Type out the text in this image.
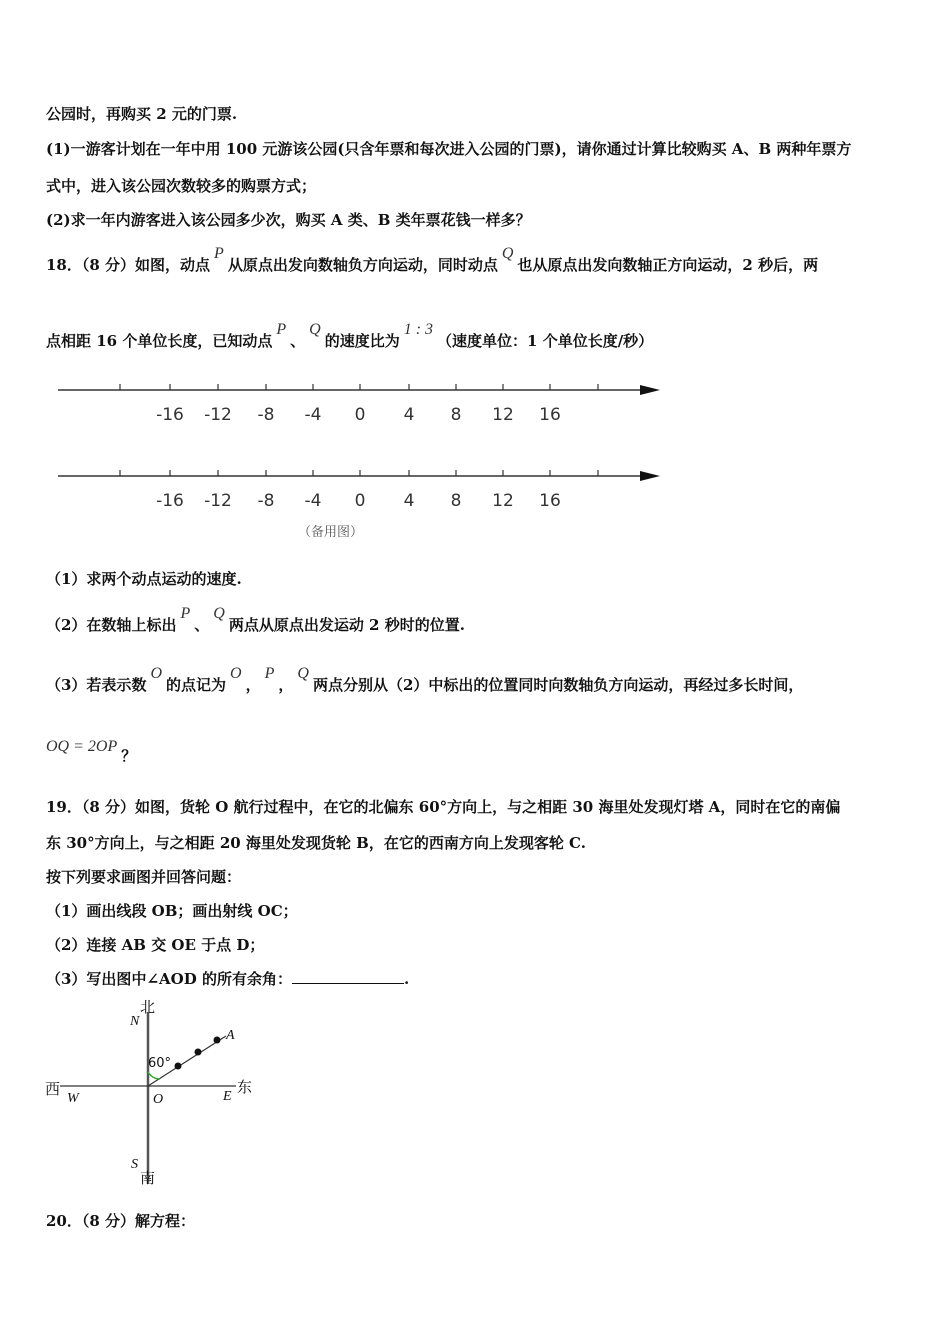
公园时，再购买 2 元的门票.
(1)一游客计划在一年中用 100 元游该公园(只含年票和每次进入公园的门票)，请你通过计算比较购买 A、B 两种年票方
式中，进入该公园次数较多的购票方式；
(2)求一年内游客进入该公园多少次，购买 A 类、B 类年票花钱一样多？
18．（8 分）如图，动点P从原点出发向数轴负方向运动，同时动点Q也从原点出发向数轴正方向运动，2 秒后，两
点相距 16 个单位长度，已知动点P、Q的速度比为1 : 3（速度单位：1 个单位长度/秒）
-16 -12 -8 -4 0 4 8 12 16
-16 -12 -8 -4 0 4 8 12 16
（备用图）
（1）求两个动点运动的速度.
（2）在数轴上标出P、Q两点从原点出发运动 2 秒时的位置.
（3）若表示数O的点记为O，P，Q两点分别从（2）中标出的位置同时向数轴负方向运动，再经过多长时间，
OQ = 2OP？
19．（8 分）如图，货轮 O 航行过程中，在它的北偏东 60°方向上，与之相距 30 海里处发现灯塔 A，同时在它的南偏
东 30°方向上，与之相距 20 海里处发现货轮 B，在它的西南方向上发现客轮 C.
按下列要求画图并回答问题：
（1）画出线段 OB；画出射线 OC；
（2）连接 AB 交 OE 于点 D；
（3）写出图中∠AOD 的所有余角：	.
北
N
A
60°
西
W	O	E
东
S
南
20．（8 分）解方程：
